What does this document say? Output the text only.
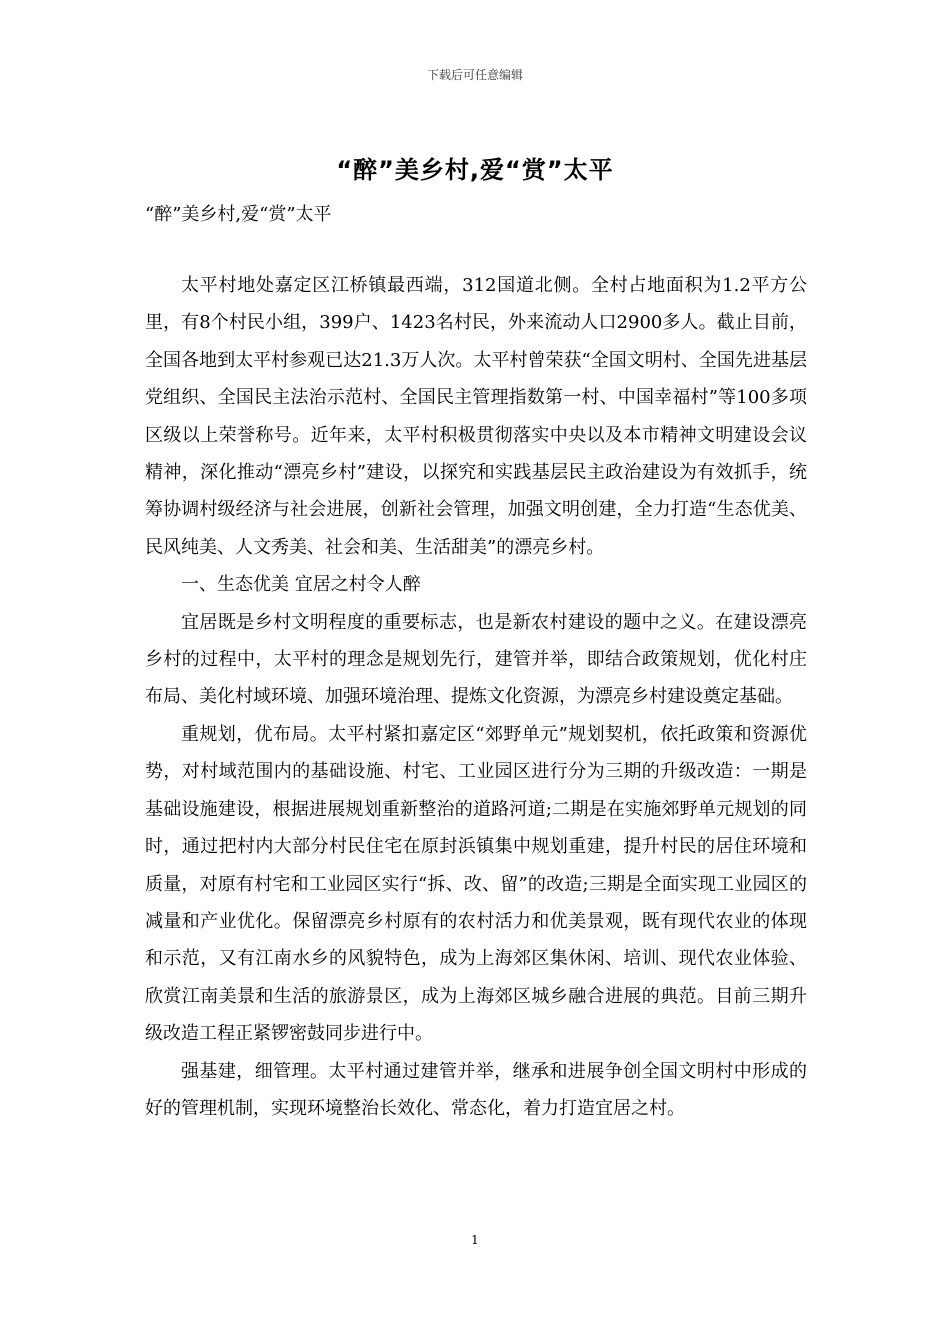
下载后可任意编辑
“醉”美乡村,爱“赏”太平

“醉”美乡村,爱“赏”太平

太平村地处嘉定区江桥镇最西端，312国道北侧。全村占地面积为1.2平方公里，有8个村民小组，399户、1423名村民，外来流动人口2900多人。截止目前，全国各地到太平村参观已达21.3万人次。太平村曾荣获“全国文明村、全国先进基层党组织、全国民主法治示范村、全国民主管理指数第一村、中国幸福村”等100多项区级以上荣誉称号。近年来，太平村积极贯彻落实中央以及本市精神文明建设会议精神，深化推动“漂亮乡村”建设，以探究和实践基层民主政治建设为有效抓手，统筹协调村级经济与社会进展，创新社会管理，加强文明创建，全力打造“生态优美、民风纯美、人文秀美、社会和美、生活甜美”的漂亮乡村。

一、生态优美 宜居之村令人醉

宜居既是乡村文明程度的重要标志，也是新农村建设的题中之义。在建设漂亮乡村的过程中，太平村的理念是规划先行，建管并举，即结合政策规划，优化村庄布局、美化村域环境、加强环境治理、提炼文化资源，为漂亮乡村建设奠定基础。

重规划，优布局。太平村紧扣嘉定区“郊野单元”规划契机，依托政策和资源优势，对村域范围内的基础设施、村宅、工业园区进行分为三期的升级改造：一期是基础设施建设，根据进展规划重新整治的道路河道;二期是在实施郊野单元规划的同时，通过把村内大部分村民住宅在原封浜镇集中规划重建，提升村民的居住环境和质量，对原有村宅和工业园区实行“拆、改、留”的改造;三期是全面实现工业园区的减量和产业优化。保留漂亮乡村原有的农村活力和优美景观，既有现代农业的体现和示范，又有江南水乡的风貌特色，成为上海郊区集休闲、培训、现代农业体验、欣赏江南美景和生活的旅游景区，成为上海郊区城乡融合进展的典范。目前三期升级改造工程正紧锣密鼓同步进行中。

强基建，细管理。太平村通过建管并举，继承和进展争创全国文明村中形成的好的管理机制，实现环境整治长效化、常态化，着力打造宜居之村。

1
